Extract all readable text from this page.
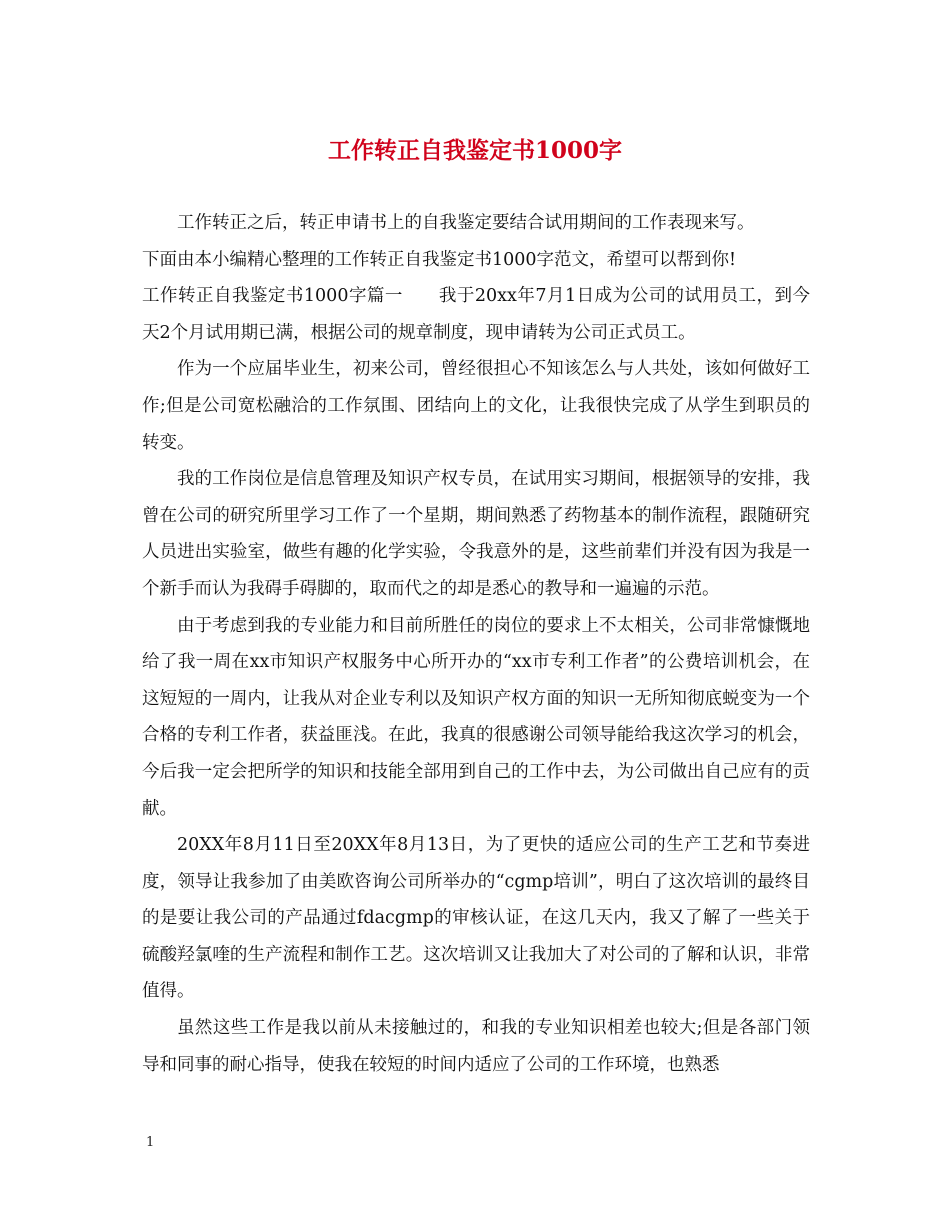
工作转正自我鉴定书1000字

工作转正之后，转正申请书上的自我鉴定要结合试用期间的工作表现来写。

下面由本小编精心整理的工作转正自我鉴定书1000字范文，希望可以帮到你!

工作转正自我鉴定书1000字篇一　　我于20xx年7月1日成为公司的试用员工，到今天2个月试用期已满，根据公司的规章制度，现申请转为公司正式员工。

作为一个应届毕业生，初来公司，曾经很担心不知该怎么与人共处，该如何做好工作;但是公司宽松融洽的工作氛围、团结向上的文化，让我很快完成了从学生到职员的转变。

我的工作岗位是信息管理及知识产权专员，在试用实习期间，根据领导的安排，我曾在公司的研究所里学习工作了一个星期，期间熟悉了药物基本的制作流程，跟随研究人员进出实验室，做些有趣的化学实验，令我意外的是，这些前辈们并没有因为我是一个新手而认为我碍手碍脚的，取而代之的却是悉心的教导和一遍遍的示范。

由于考虑到我的专业能力和目前所胜任的岗位的要求上不太相关，公司非常慷慨地给了我一周在xx市知识产权服务中心所开办的“xx市专利工作者”的公费培训机会，在这短短的一周内，让我从对企业专利以及知识产权方面的知识一无所知彻底蜕变为一个合格的专利工作者，获益匪浅。在此，我真的很感谢公司领导能给我这次学习的机会，今后我一定会把所学的知识和技能全部用到自己的工作中去，为公司做出自己应有的贡献。

20XX年8月11日至20XX年8月13日，为了更快的适应公司的生产工艺和节奏进度，领导让我参加了由美欧咨询公司所举办的“cgmp培训”，明白了这次培训的最终目的是要让我公司的产品通过fdacgmp的审核认证，在这几天内，我又了解了一些关于硫酸羟氯喹的生产流程和制作工艺。这次培训又让我加大了对公司的了解和认识，非常值得。

虽然这些工作是我以前从未接触过的，和我的专业知识相差也较大;但是各部门领导和同事的耐心指导，使我在较短的时间内适应了公司的工作环境，也熟悉

1
